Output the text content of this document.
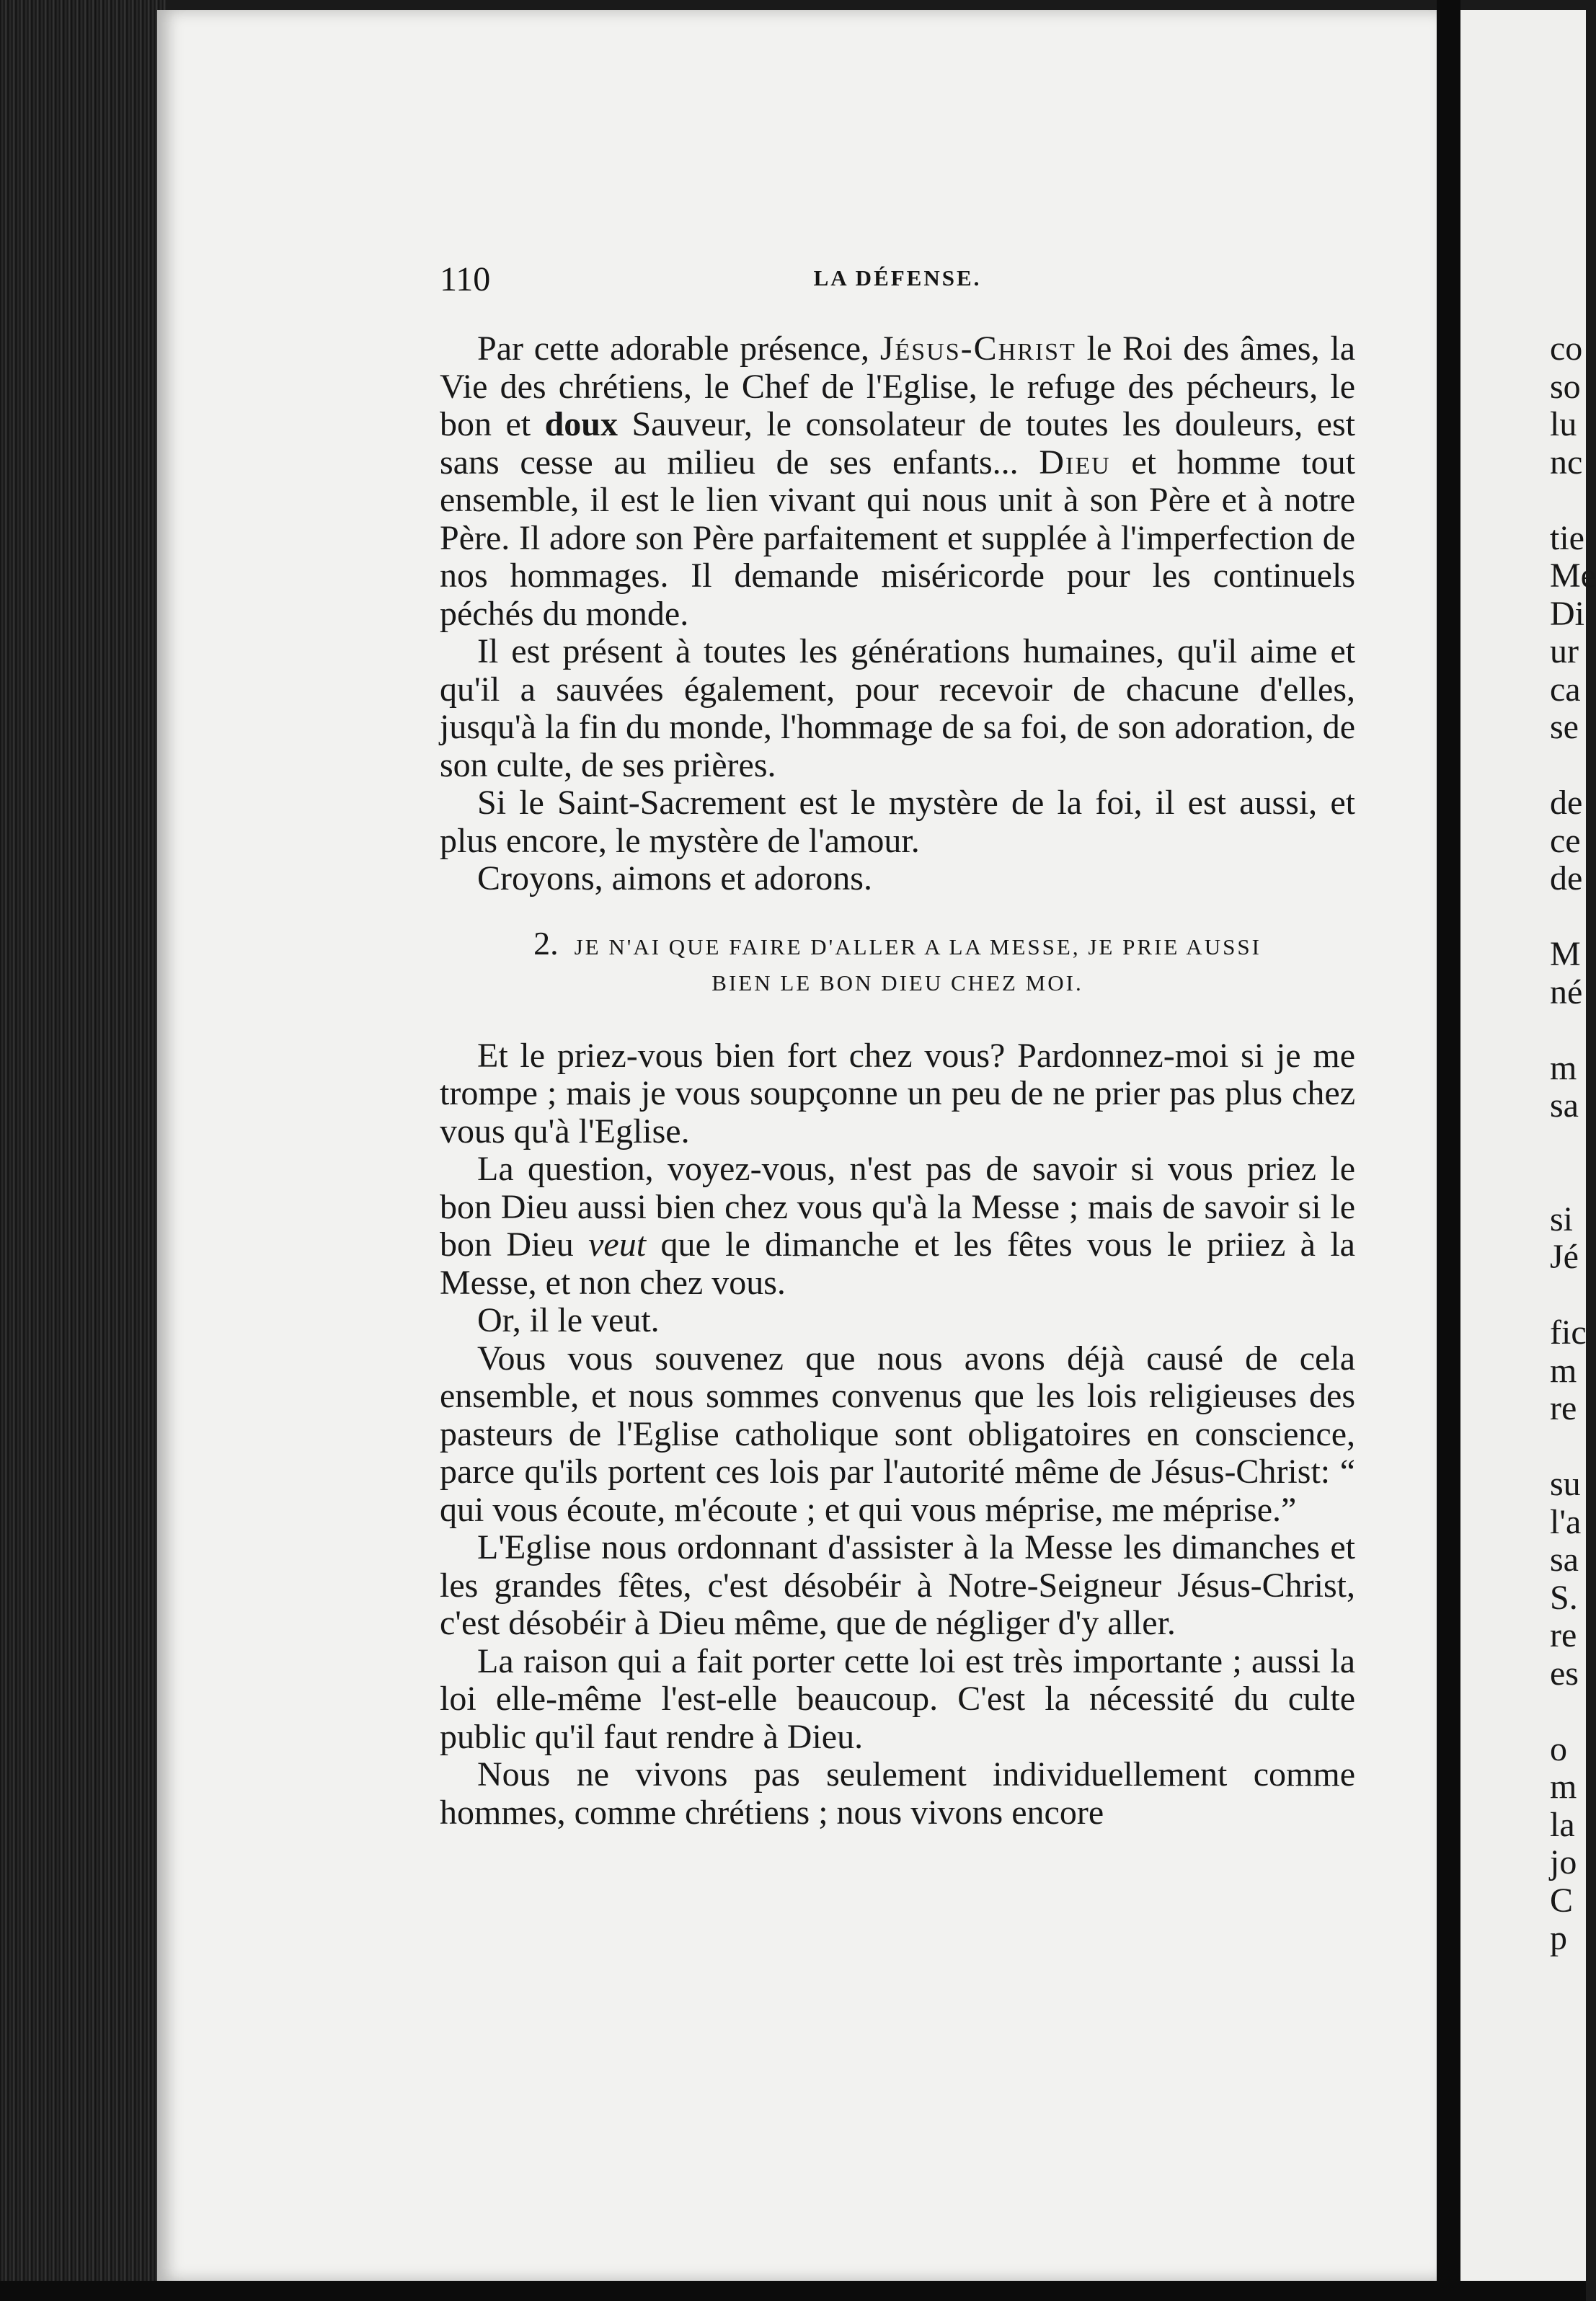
110	LA DÉFENSE.

Par cette adorable présence, Jésus-Christ le Roi des âmes, la Vie des chrétiens, le Chef de l'Eglise, le refuge des pécheurs, le bon et doux Sauveur, le consolateur de toutes les douleurs, est sans cesse au milieu de ses enfants... Dieu et homme tout ensemble, il est le lien vivant qui nous unit à son Père et à notre Père. Il adore son Père parfaitement et supplée à l'imperfection de nos hommages. Il demande miséricorde pour les continuels péchés du monde.

Il est présent à toutes les générations humaines, qu'il aime et qu'il a sauvées également, pour recevoir de chacune d'elles, jusqu'à la fin du monde, l'hommage de sa foi, de son adoration, de son culte, de ses prières.

Si le Saint-Sacrement est le mystère de la foi, il est aussi, et plus encore, le mystère de l'amour.

Croyons, aimons et adorons.

2. JE N'AI QUE FAIRE D'ALLER A LA MESSE, JE PRIE AUSSI
BIEN LE BON DIEU CHEZ MOI.

Et le priez-vous bien fort chez vous? Pardonnez-moi si je me trompe ; mais je vous soupçonne un peu de ne prier pas plus chez vous qu'à l'Eglise.

La question, voyez-vous, n'est pas de savoir si vous priez le bon Dieu aussi bien chez vous qu'à la Messe ; mais de savoir si le bon Dieu veut que le dimanche et les fêtes vous le priiez à la Messe, et non chez vous.

Or, il le veut.

Vous vous souvenez que nous avons déjà causé de cela ensemble, et nous sommes convenus que les lois religieuses des pasteurs de l'Eglise catholique sont obligatoires en conscience, parce qu'ils portent ces lois par l'autorité même de Jésus-Christ: “ qui vous écoute, m'écoute ; et qui vous méprise, me méprise.”

L'Eglise nous ordonnant d'assister à la Messe les dimanches et les grandes fêtes, c'est désobéir à Notre-Seigneur Jésus-Christ, c'est désobéir à Dieu même, que de négliger d'y aller.

La raison qui a fait porter cette loi est très importante ; aussi la loi elle-même l'est-elle beaucoup. C'est la nécessité du culte public qu'il faut rendre à Dieu.

Nous ne vivons pas seulement individuellement comme hommes, comme chrétiens ; nous vivons encore

co
so
lu
nc
tie
Me
Di
ur
ca
se
de
ce
de
M
né
m
sa
si
Jé
fic
m
re
su
l'a
sa
S.
re
es
o
m
la
jo
C
p
